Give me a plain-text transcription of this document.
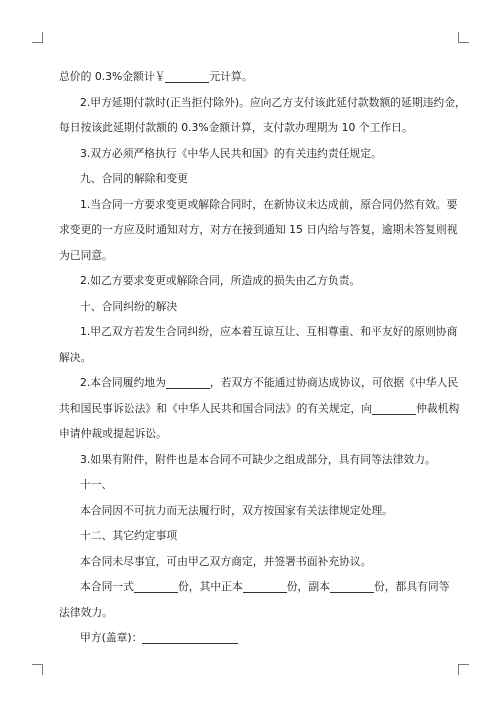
总价的 0.3%金额计￥	元计算。
2.甲方延期付款时(正当拒付除外)。应向乙方支付该此延付款数额的延期违约金，
每日按该此延期付款额的 0.3%金额计算，支付款办理期为 10 个工作日。
3.双方必须严格执行《中华人民共和国》的有关违约责任规定。
九、合同的解除和变更
1.当合同一方要求变更或解除合同时，在新协议未达成前，原合同仍然有效。要
求变更的一方应及时通知对方，对方在接到通知 15 日内给与答复，逾期未答复则视
为已同意。
2.如乙方要求变更或解除合同，所造成的损失由乙方负责。
十、合同纠纷的解决
1.甲乙双方若发生合同纠纷，应本着互谅互让、互相尊重、和平友好的原则协商
解决。
2.本合同履约地为	，若双方不能通过协商达成协议，可依据《中华人民
共和国民事诉讼法》和《中华人民共和国合同法》的有关规定，向	仲裁机构
申请仲裁或提起诉讼。
3.如果有附件，附件也是本合同不可缺少之组成部分，具有同等法律效力。
十一、
本合同因不可抗力而无法履行时，双方按国家有关法律规定处理。
十二、其它约定事项
本合同未尽事宜，可由甲乙双方商定，并签署书面补充协议。
本合同一式	份，其中正本	份，副本	份，都具有同等
法律效力。
甲方(盖章)：
